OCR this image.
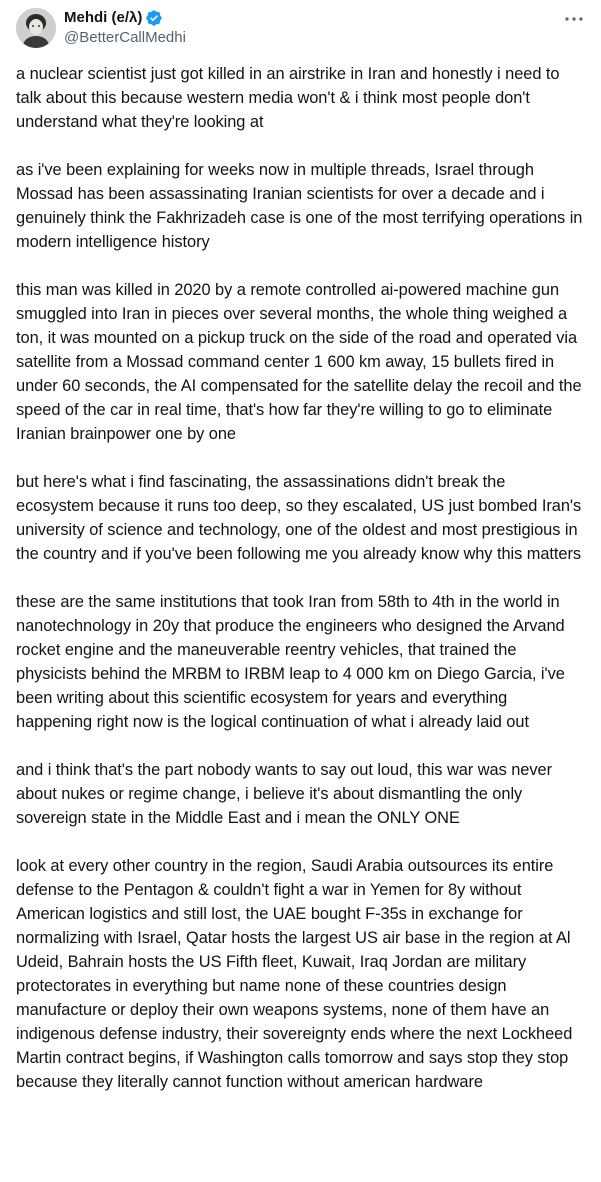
Mehdi (e/λ)
@BetterCallMedhi

a nuclear scientist just got killed in an airstrike in Iran and honestly i need to talk about this because western media won't & i think most people don't understand what they're looking at

as i've been explaining for weeks now in multiple threads, Israel through Mossad has been assassinating Iranian scientists for over a decade and i genuinely think the Fakhrizadeh case is one of the most terrifying operations in modern intelligence history

this man was killed in 2020 by a remote controlled ai-powered machine gun smuggled into Iran in pieces over several months, the whole thing weighed a ton, it was mounted on a pickup truck on the side of the road and operated via satellite from a Mossad command center 1 600 km away, 15 bullets fired in under 60 seconds, the AI compensated for the satellite delay the recoil and the speed of the car in real time, that's how far they're willing to go to eliminate Iranian brainpower one by one

but here's what i find fascinating, the assassinations didn't break the ecosystem because it runs too deep, so they escalated, US just bombed Iran's university of science and technology, one of the oldest and most prestigious in the country and if you've been following me you already know why this matters

these are the same institutions that took Iran from 58th to 4th in the world in nanotechnology in 20y that produce the engineers who designed the Arvand rocket engine and the maneuverable reentry vehicles, that trained the physicists behind the MRBM to IRBM leap to 4 000 km on Diego Garcia, i've been writing about this scientific ecosystem for years and everything happening right now is the logical continuation of what i already laid out

and i think that's the part nobody wants to say out loud, this war was never about nukes or regime change, i believe it's about dismantling the only sovereign state in the Middle East and i mean the ONLY ONE

look at every other country in the region, Saudi Arabia outsources its entire defense to the Pentagon & couldn't fight a war in Yemen for 8y without American logistics and still lost, the UAE bought F-35s in exchange for normalizing with Israel, Qatar hosts the largest US air base in the region at Al Udeid, Bahrain hosts the US Fifth fleet, Kuwait, Iraq Jordan are military protectorates in everything but name none of these countries design manufacture or deploy their own weapons systems, none of them have an indigenous defense industry, their sovereignty ends where the next Lockheed Martin contract begins, if Washington calls tomorrow and says stop they stop because they literally cannot function without american hardware
